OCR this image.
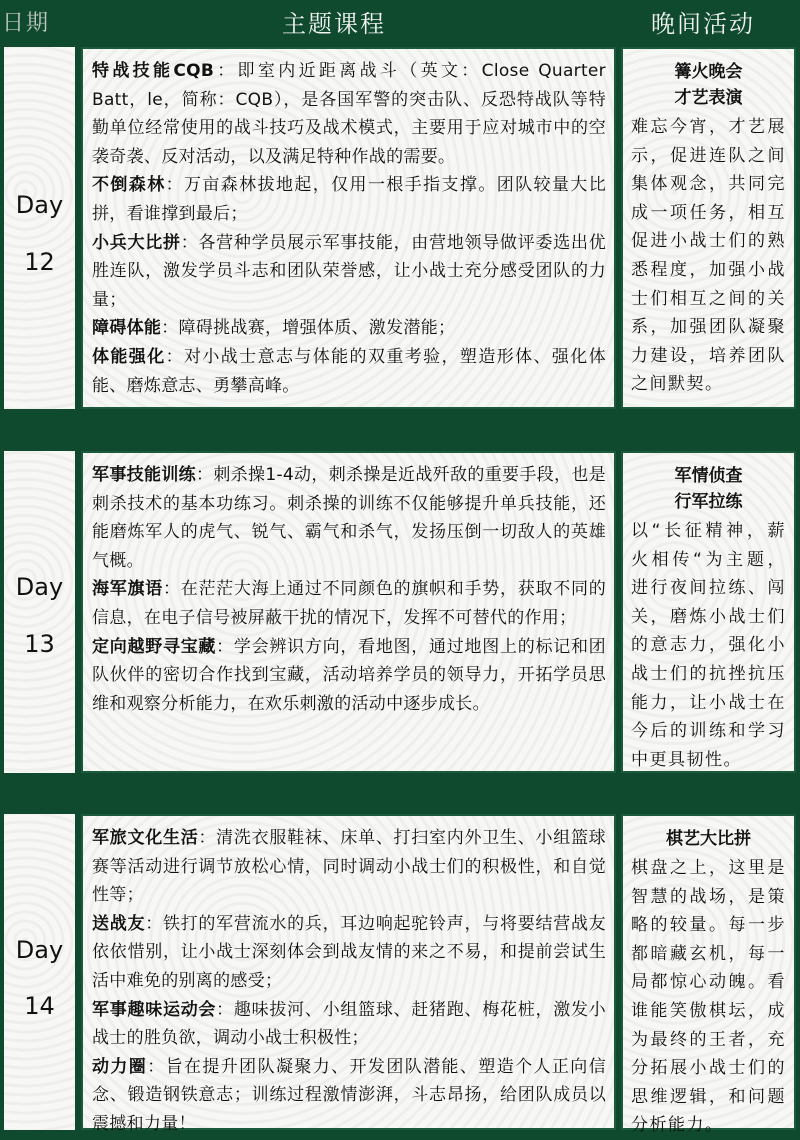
日期	主题课程	晚间活动
Day
12

特战技能CQB：即室内近距离战斗（英文：Close Quarter Batt，le，简称：CQB），是各国军警的突击队、反恐特战队等特勤单位经常使用的战斗技巧及战术模式，主要用于应对城市中的空袭奇袭、反对活动，以及满足特种作战的需要。

不倒森林：万亩森林拔地起，仅用一根手指支撑。团队较量大比拼，看谁撑到最后；

小兵大比拼：各营种学员展示军事技能，由营地领导做评委选出优胜连队，激发学员斗志和团队荣誉感，让小战士充分感受团队的力量；

障碍体能：障碍挑战赛，增强体质、激发潜能；

体能强化：对小战士意志与体能的双重考验，塑造形体、强化体能、磨炼意志、勇攀高峰。

篝火晚会
才艺表演
难忘今宵，才艺展示，促进连队之间集体观念，共同完成一项任务，相互促进小战士们的熟悉程度，加强小战士们相互之间的关系，加强团队凝聚力建设，培养团队之间默契。
Day
13

军事技能训练：刺杀操1-4动，刺杀操是近战歼敌的重要手段，也是刺杀技术的基本功练习。刺杀操的训练不仅能够提升单兵技能，还能磨炼军人的虎气、锐气、霸气和杀气，发扬压倒一切敌人的英雄气概。

海军旗语：在茫茫大海上通过不同颜色的旗帜和手势，获取不同的信息，在电子信号被屏蔽干扰的情况下，发挥不可替代的作用；

定向越野寻宝藏：学会辨识方向，看地图，通过地图上的标记和团队伙伴的密切合作找到宝藏，活动培养学员的领导力，开拓学员思维和观察分析能力，在欢乐刺激的活动中逐步成长。

军情侦查
行军拉练
以“长征精神，薪火相传“为主题，进行夜间拉练、闯关，磨炼小战士们的意志力，强化小战士们的抗挫抗压能力，让小战士在今后的训练和学习中更具韧性。
Day
14

军旅文化生活：清洗衣服鞋袜、床单、打扫室内外卫生、小组篮球赛等活动进行调节放松心情，同时调动小战士们的积极性，和自觉性等；

送战友：铁打的军营流水的兵，耳边响起驼铃声，与将要结营战友依依惜别，让小战士深刻体会到战友情的来之不易，和提前尝试生活中难免的别离的感受；

军事趣味运动会：趣味拔河、小组篮球、赶猪跑、梅花桩，激发小战士的胜负欲，调动小战士积极性；

动力圈：旨在提升团队凝聚力、开发团队潜能、塑造个人正向信念、锻造钢铁意志；训练过程激情澎湃，斗志昂扬，给团队成员以震撼和力量！

棋艺大比拼
棋盘之上，这里是智慧的战场，是策略的较量。每一步都暗藏玄机，每一局都惊心动魄。看谁能笑傲棋坛，成为最终的王者，充分拓展小战士们的思维逻辑，和问题分析能力。
